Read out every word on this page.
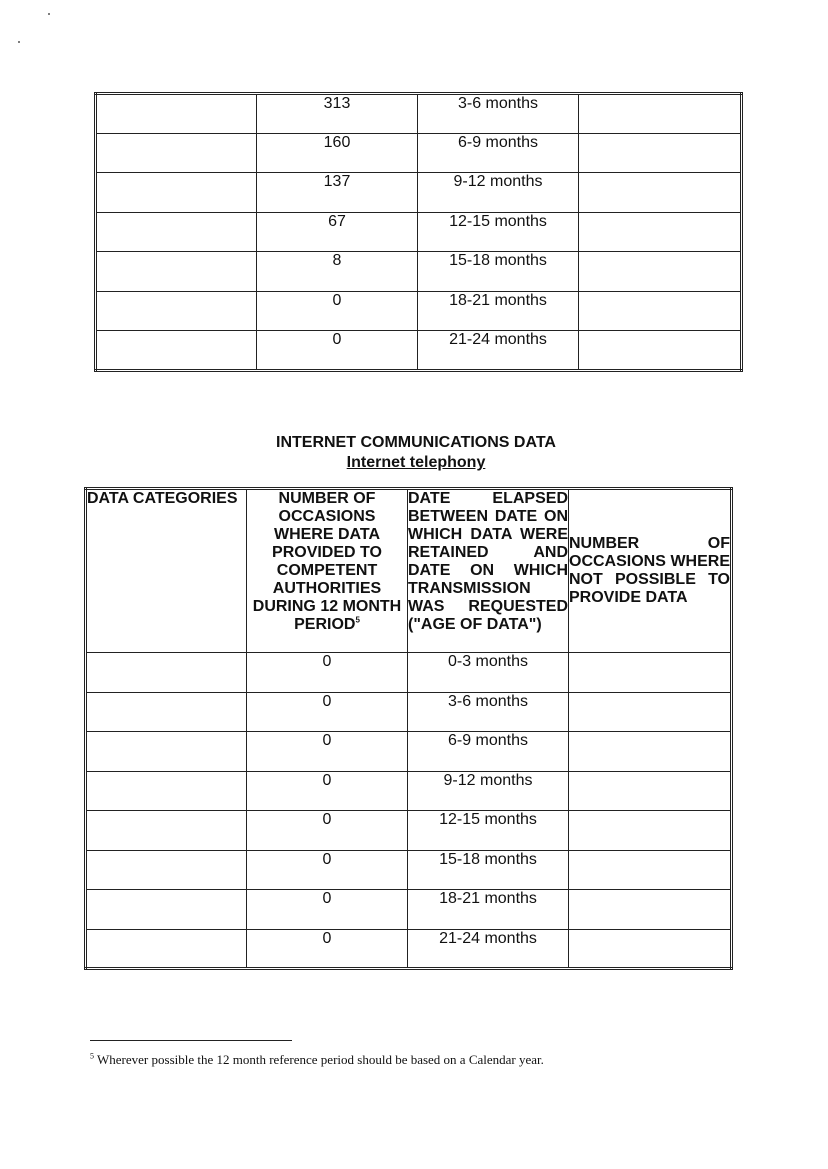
	313	3-6 months	
	160	6-9 months	
	137	9-12 months	
	67	12-15 months	
	8	15-18 months	
	0	18-21 months	
	0	21-24 months	
INTERNET COMMUNICATIONS DATA
Internet telephony
DATA CATEGORIES	NUMBER OF OCCASIONS WHERE DATA PROVIDED TO COMPETENT AUTHORITIES DURING 12 MONTH PERIOD$^5$	DATE ELAPSED BETWEEN DATE ON WHICH DATA WERE RETAINED AND DATE ON WHICH TRANSMISSION WAS REQUESTED ("AGE OF DATA")	NUMBER OF OCCASIONS WHERE NOT POSSIBLE TO PROVIDE DATA
	0	0-3 months	
	0	3-6 months	
	0	6-9 months	
	0	9-12 months	
	0	12-15 months	
	0	15-18 months	
	0	18-21 months	
	0	21-24 months	
$^5$ Wherever possible the 12 month reference period should be based on a Calendar year.
